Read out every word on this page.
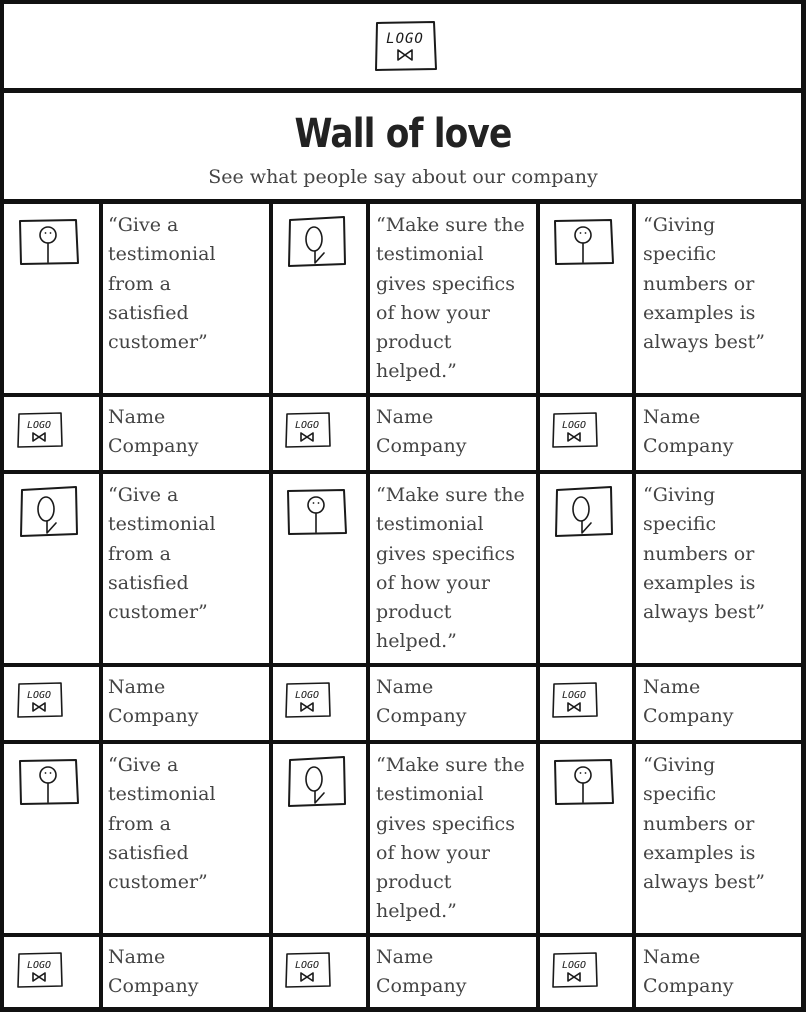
LOGO
Wall of love
See what people say about our company
“Give a
testimonial
from a
satisfied
customer”
LOGO	Name
Company
“Make sure the
testimonial
gives specifics
of how your
product
helped.”
LOGO	Name
Company
“Giving
specific
numbers or
examples is
always best”
LOGO	Name
Company
“Give a
testimonial
from a
satisfied
customer”
LOGO	Name
Company
“Make sure the
testimonial
gives specifics
of how your
product
helped.”
LOGO	Name
Company
“Giving
specific
numbers or
examples is
always best”
LOGO	Name
Company
“Give a
testimonial
from a
satisfied
customer”
LOGO	Name
Company
“Make sure the
testimonial
gives specifics
of how your
product
helped.”
LOGO	Name
Company
“Giving
specific
numbers or
examples is
always best”
LOGO	Name
Company
